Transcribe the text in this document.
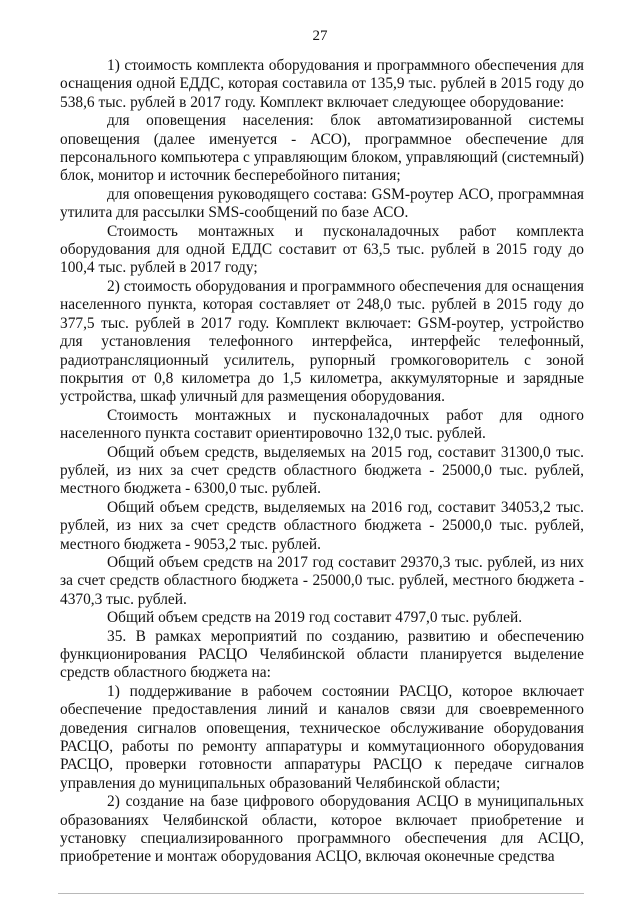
27

1) стоимость комплекта оборудования и программного обеспечения для оснащения одной ЕДДС, которая составила от 135,9 тыс. рублей в 2015 году до 538,6 тыс. рублей в 2017 году. Комплект включает следующее оборудование:

для оповещения населения: блок автоматизированной системы оповещения (далее именуется - АСО), программное обеспечение для персонального компьютера с управляющим блоком, управляющий (системный) блок, монитор и источник бесперебойного питания;

для оповещения руководящего состава: GSM-роутер АСО, программная утилита для рассылки SMS-сообщений по базе АСО.

Стоимость монтажных и пусконаладочных работ комплекта оборудования для одной ЕДДС составит от 63,5 тыс. рублей в 2015 году до 100,4 тыс. рублей в 2017 году;

2) стоимость оборудования и программного обеспечения для оснащения населенного пункта, которая составляет от 248,0 тыс. рублей в 2015 году до 377,5 тыс. рублей в 2017 году. Комплект включает: GSM-роутер, устройство для установления телефонного интерфейса, интерфейс телефонный, радиотрансляционный усилитель, рупорный громкоговоритель с зоной покрытия от 0,8 километра до 1,5 километра, аккумуляторные и зарядные устройства, шкаф уличный для размещения оборудования.

Стоимость монтажных и пусконаладочных работ для одного населенного пункта составит ориентировочно 132,0 тыс. рублей.

Общий объем средств, выделяемых на 2015 год, составит 31300,0 тыс. рублей, из них за счет средств областного бюджета - 25000,0 тыс. рублей, местного бюджета - 6300,0 тыс. рублей.

Общий объем средств, выделяемых на 2016 год, составит 34053,2 тыс. рублей, из них за счет средств областного бюджета - 25000,0 тыс. рублей, местного бюджета - 9053,2 тыс. рублей.

Общий объем средств на 2017 год составит 29370,3 тыс. рублей, из них за счет средств областного бюджета - 25000,0 тыс. рублей, местного бюджета - 4370,3 тыс. рублей.

Общий объем средств на 2019 год составит 4797,0 тыс. рублей.

35. В рамках мероприятий по созданию, развитию и обеспечению функционирования РАСЦО Челябинской области планируется выделение средств областного бюджета на:

1) поддерживание в рабочем состоянии РАСЦО, которое включает обеспечение предоставления линий и каналов связи для своевременного доведения сигналов оповещения, техническое обслуживание оборудования РАСЦО, работы по ремонту аппаратуры и коммутационного оборудования РАСЦО, проверки готовности аппаратуры РАСЦО к передаче сигналов управления до муниципальных образований Челябинской области;

2) создание на базе цифрового оборудования АСЦО в муниципальных образованиях Челябинской области, которое включает приобретение и установку специализированного программного обеспечения для АСЦО, приобретение и монтаж оборудования АСЦО, включая оконечные средства
